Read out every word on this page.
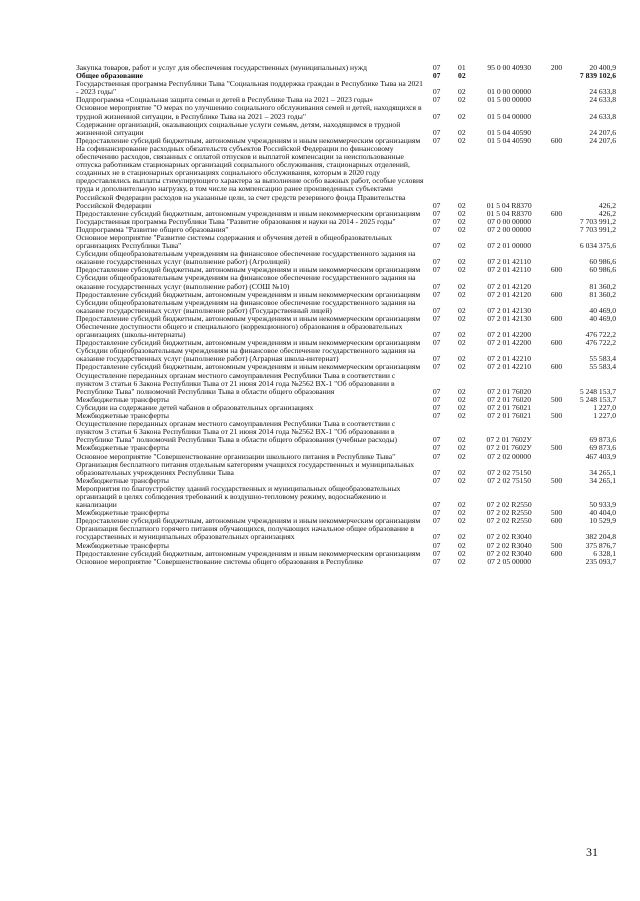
Закупка товаров, работ и услуг для обеспечения государственных (муниципальных) нужд	07	01	95 0 00 40930	200	20 400,9
Общее образование	07	02			7 839 102,6
Государственная программа Республики Тыва "Социальная поддержка граждан в Республике Тыва на 2021 - 2023 годы"	07	02	01 0 00 00000		24 633,8
Подпрограмма «Социальная защита семьи и детей в Республике Тыва на 2021 – 2023 годы»	07	02	01 5 00 00000		24 633,8
Основное мероприятие "О мерах по улучшению социального обслуживания семей и детей, находящихся в трудной жизненной ситуации, в Республике Тыва на 2021 – 2023 годы"	07	02	01 5 04 00000		24 633,8
Содержание организаций, оказывающих социальные услуги семьям, детям, находящимся в трудной жизненной ситуации	07	02	01 5 04 40590		24 207,6
Предоставление субсидий бюджетным, автономным учреждениям и иным некоммерческим организациям	07	02	01 5 04 40590	600	24 207,6
На софинансирование расходных обязательств субъектов Российской Федерации по финансовому обеспечению расходов, связанных с оплатой отпусков и выплатой компенсации за неиспользованные отпуска работникам стационарных организаций социального обслуживания, стационарных отделений, созданных не в стационарных организациях социального обслуживания, которым в 2020 году предоставлялись выплаты стимулирующего характера за выполнение особо важных работ, особые условия труда и дополнительную нагрузку, в том числе на компенсацию ранее произведенных субъектами Российской Федерации расходов на указанные цели, за счет средств резервного фонда Правительства Российской Федерации	07	02	01 5 04 R8370		426,2
Предоставление субсидий бюджетным, автономным учреждениям и иным некоммерческим организациям	07	02	01 5 04 R8370	600	426,2
Государственная программа Республики Тыва "Развитие образования и науки на 2014 - 2025 годы"	07	02	07 0 00 00000		7 703 991,2
Подпрограмма "Развитие общего образования"	07	02	07 2 00 00000		7 703 991,2
Основное мероприятие "Развитие системы содержания и обучения детей в общеобразовательных организациях Республики Тыва"	07	02	07 2 01 00000		6 034 375,6
Субсидии общеобразовательным учреждениям на финансовое обеспечение государственного задания на оказание государственных услуг (выполнение работ) (Агролицей)	07	02	07 2 01 42110		60 986,6
Предоставление субсидий бюджетным, автономным учреждениям и иным некоммерческим организациям	07	02	07 2 01 42110	600	60 986,6
Субсидии общеобразовательным учреждениям на финансовое обеспечение государственного задания на оказание государственных услуг (выполнение работ) (СОШ №10)	07	02	07 2 01 42120		81 360,2
Предоставление субсидий бюджетным, автономным учреждениям и иным некоммерческим организациям	07	02	07 2 01 42120	600	81 360,2
Субсидии общеобразовательным учреждениям на финансовое обеспечение государственного задания на оказание государственных услуг (выполнение работ) (Государственный лицей)	07	02	07 2 01 42130		40 469,0
Предоставление субсидий бюджетным, автономным учреждениям и иным некоммерческим организациям	07	02	07 2 01 42130	600	40 469,0
Обеспечение доступности общего и специального (коррекционного) образования в образовательных организациях (школы-интернаты)	07	02	07 2 01 42200		476 722,2
Предоставление субсидий бюджетным, автономным учреждениям и иным некоммерческим организациям	07	02	07 2 01 42200	600	476 722,2
Субсидии общеобразовательным учреждениям на финансовое обеспечение государственного задания на оказание государственных услуг (выполнение работ) (Аграрная школа-интернат)	07	02	07 2 01 42210		55 583,4
Предоставление субсидий бюджетным, автономным учреждениям и иным некоммерческим организациям	07	02	07 2 01 42210	600	55 583,4
Осуществление переданных органам местного самоуправления Республики Тыва в соответствии с пунктом 3 статьи 6 Закона Республики Тыва от 21 июня 2014 года №2562 ВХ-1 "Об образовании в Республике Тыва" полномочий Республики Тыва в области общего образования	07	02	07 2 01 76020		5 248 153,7
Межбюджетные трансферты	07	02	07 2 01 76020	500	5 248 153,7
Субсидии на содержание детей чабанов в образовательных организациях	07	02	07 2 01 76021		1 227,0
Межбюджетные трансферты	07	02	07 2 01 76021	500	1 227,0
Осуществление переданных органам местного самоуправления Республики Тыва в соответствии с пунктом 3 статьи 6 Закона Республики Тыва от 21 июня 2014 года №2562 ВХ-1 "Об образовании в Республике Тыва" полномочий Республики Тыва в области общего образования (учебные расходы)	07	02	07 2 01 7602У		69 873,6
Межбюджетные трансферты	07	02	07 2 01 7602У	500	69 873,6
Основное мероприятие "Совершенствование организации школьного питания в Республике Тыва"	07	02	07 2 02 00000		467 403,9
Организация бесплатного питания отдельным категориям учащихся государственных и муниципальных образовательных учреждениях Республики Тыва	07	02	07 2 02 75150		34 265,1
Межбюджетные трансферты	07	02	07 2 02 75150	500	34 265,1
Мероприятия по благоустройству зданий государственных и муниципальных общеобразовательных организаций в целях соблюдения требований к воздушно-тепловому режиму, водоснабжению и канализации	07	02	07 2 02 R2550		50 933,9
Межбюджетные трансферты	07	02	07 2 02 R2550	500	40 404,0
Предоставление субсидий бюджетным, автономным учреждениям и иным некоммерческим организациям	07	02	07 2 02 R2550	600	10 529,9
Организация бесплатного горячего питания обучающихся, получающих начальное общее образование в государственных и муниципальных образовательных организациях	07	02	07 2 02 R3040		382 204,8
Межбюджетные трансферты	07	02	07 2 02 R3040	500	375 876,7
Предоставление субсидий бюджетным, автономным учреждениям и иным некоммерческим организациям	07	02	07 2 02 R3040	600	6 328,1
Основное мероприятие "Совершенствование системы общего образования в Республике	07	02	07 2 05 00000		235 093,7
31
